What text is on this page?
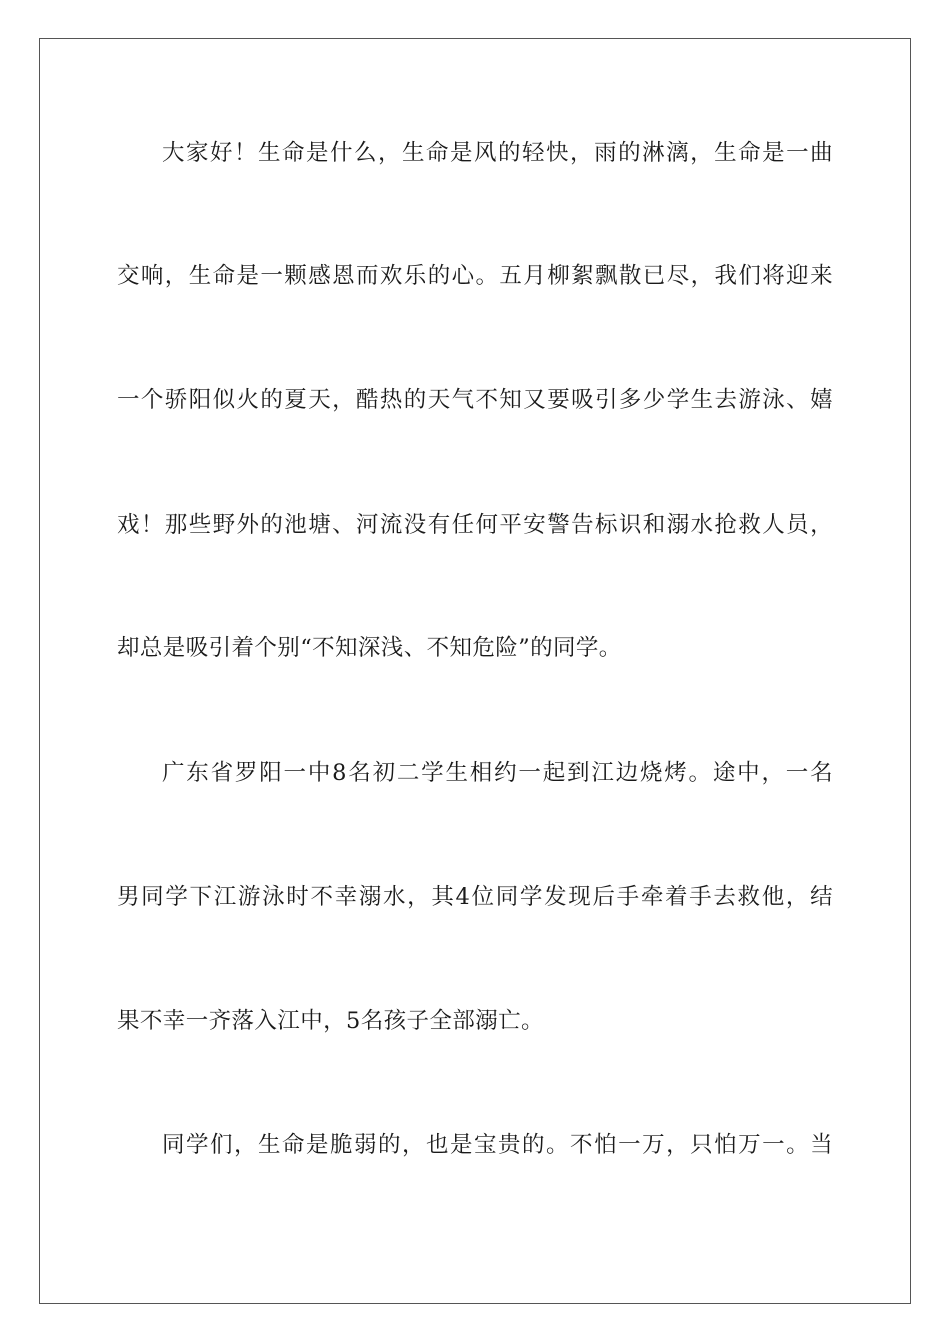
大家好！生命是什么，生命是风的轻快，雨的淋漓，生命是一曲
交响，生命是一颗感恩而欢乐的心。五月柳絮飘散已尽，我们将迎来
一个骄阳似火的夏天，酷热的天气不知又要吸引多少学生去游泳、嬉
戏！那些野外的池塘、河流没有任何平安警告标识和溺水抢救人员，
却总是吸引着个别“不知深浅、不知危险”的同学。
广东省罗阳一中8名初二学生相约一起到江边烧烤。途中，一名
男同学下江游泳时不幸溺水，其4位同学发现后手牵着手去救他，结
果不幸一齐落入江中，5名孩子全部溺亡。
同学们，生命是脆弱的，也是宝贵的。不怕一万，只怕万一。当
